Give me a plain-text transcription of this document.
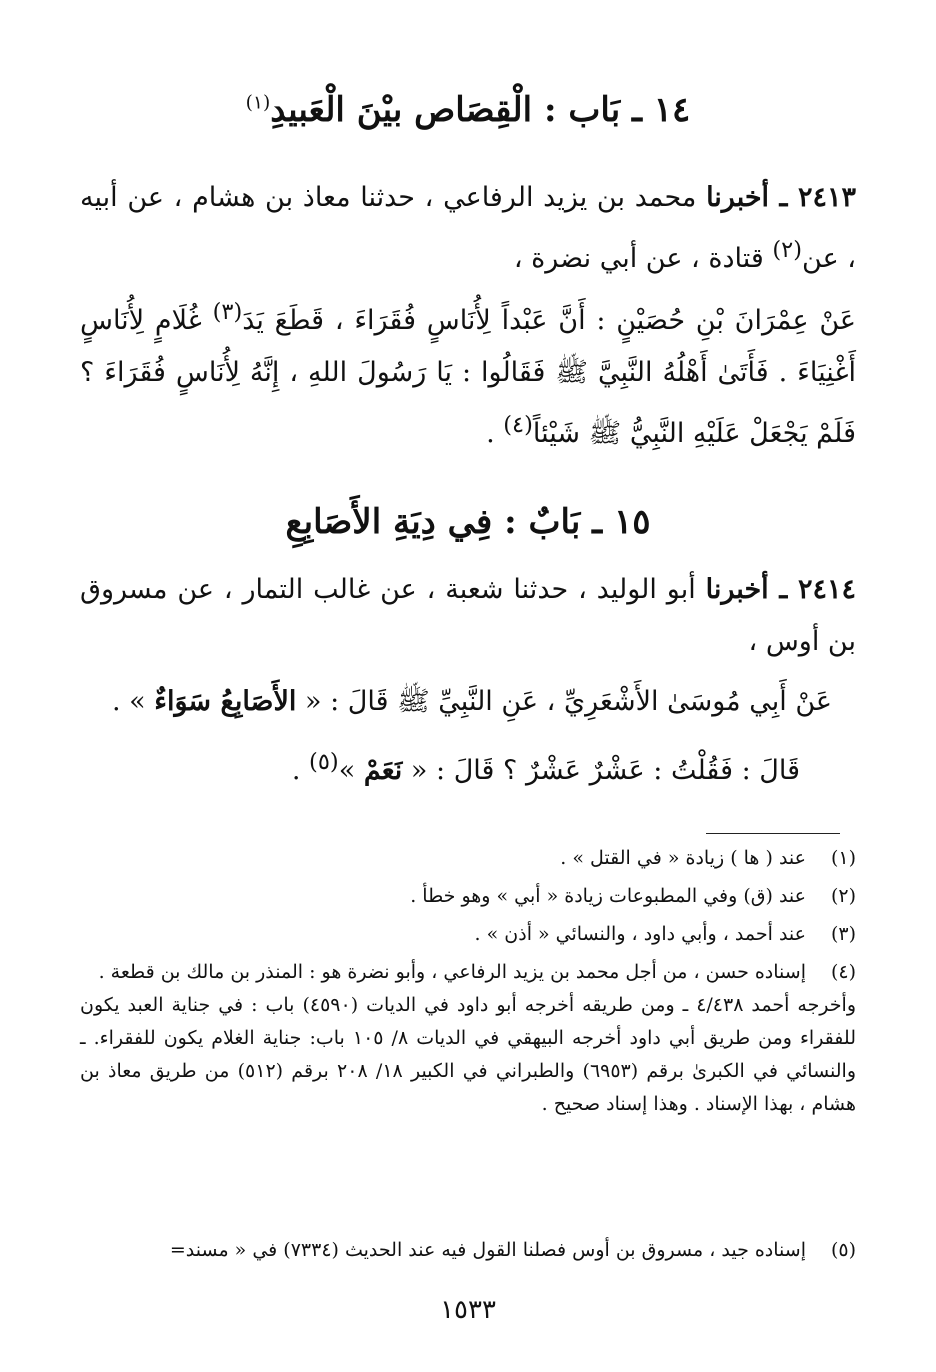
١٤ ـ بَاب : الْقِصَاص بيْنَ الْعَبيدِ$^{(١)}$
٢٤١٣ ـ أخبرنا محمد بن يزيد الرفاعي ، حدثنا معاذ بن هشام ، عن أبيه ، عن$^{(٢)}$ قتادة ، عن أبي نضرة ،
عَنْ عِمْرَانَ بْنِ حُصَيْنٍ : أَنَّ عَبْداً لِأُنَاسٍ فُقَرَاءَ ، قَطَعَ يَدَ$^{(٣)}$ غُلَامٍ لِأُنَاسٍ أَغْنِيَاءَ . فَأَتَىٰ أَهْلُهُ النَّبِيَّ ﷺ فَقَالُوا : يَا رَسُولَ اللهِ ، إِنَّهُ لِأُنَاسٍ فُقَرَاءَ ؟ فَلَمْ يَجْعَلْ عَلَيْهِ النَّبِيُّ ﷺ شَيْئاً$^{(٤)}$ .
١٥ ـ بَابٌ : فِي دِيَةِ الأَصَابِعِ
٢٤١٤ ـ أخبرنا أبو الوليد ، حدثنا شعبة ، عن غالب التمار ، عن مسروق بن أوس ،
عَنْ أَبِي مُوسَىٰ الأَشْعَرِيِّ ، عَنِ النَّبِيِّ ﷺ قَالَ : « الأَصَابِعُ سَوَاءٌ » .
قَالَ : فَقُلْتُ : عَشْرٌ عَشْرٌ ؟ قَالَ : « نَعَمْ »$^{(٥)}$ .
(١)
عند ( ها ) زيادة « في القتل » .
(٢)
عند (ق) وفي المطبوعات زيادة « أبي » وهو خطأ .
(٣)
عند أحمد ، وأبي داود ، والنسائي « أذن » .
(٤)
إسناده حسن ، من أجل محمد بن يزيد الرفاعي ، وأبو نضرة هو : المنذر بن مالك بن قطعة .
وأخرجه أحمد ٤/٤٣٨ ـ ومن طريقه أخرجه أبو داود في الديات (٤٥٩٠) باب : في جناية العبد يكون للفقراء ومن طريق أبي داود أخرجه البيهقي في الديات ٨/ ١٠٥ باب: جناية الغلام يكون للفقراء. ـ والنسائي في الكبرىٰ برقم (٦٩٥٣) والطبراني في الكبير ١٨/ ٢٠٨ برقم (٥١٢) من طريق معاذ بن هشام ، بهذا الإسناد . وهذا إسناد صحيح .
(٥)
إسناده جيد ، مسروق بن أوس فصلنا القول فيه عند الحديث (٧٣٣٤) في « مسند=
١٥٣٣
